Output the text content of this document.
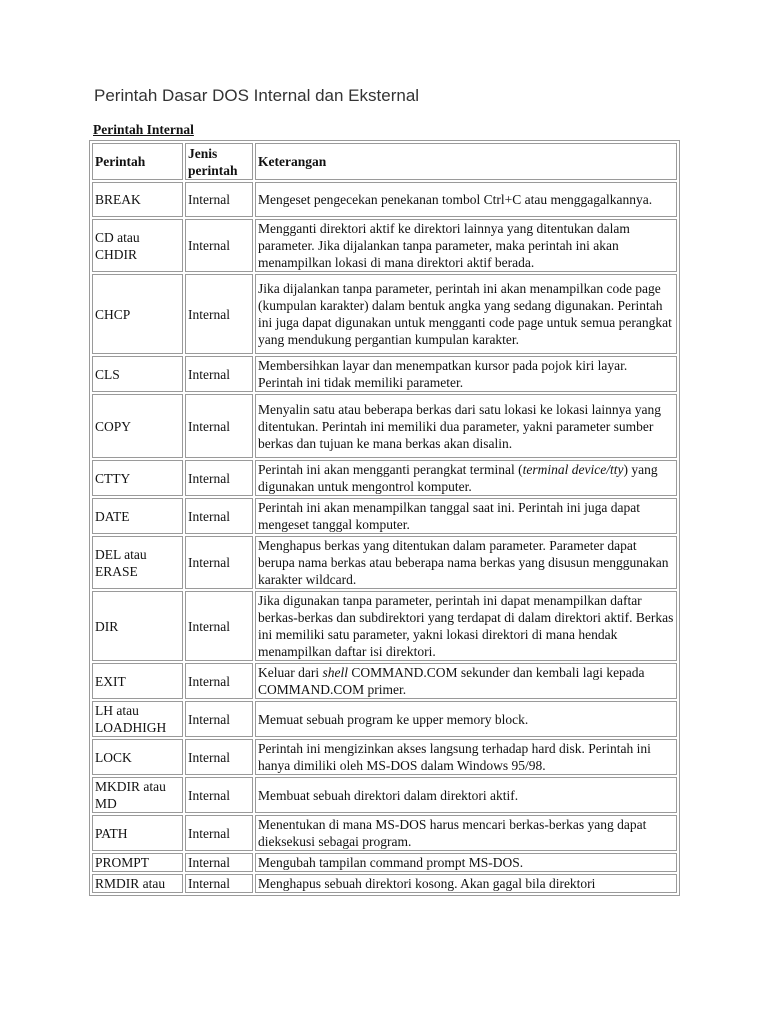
Perintah Dasar DOS Internal dan Eksternal
Perintah Internal
Perintah	Jenis perintah	Keterangan
BREAK	Internal	Mengeset pengecekan penekanan tombol Ctrl+C atau menggagalkannya.
CD atau CHDIR	Internal	Mengganti direktori aktif ke direktori lainnya yang ditentukan dalam parameter. Jika dijalankan tanpa parameter, maka perintah ini akan menampilkan lokasi di mana direktori aktif berada.
CHCP	Internal	Jika dijalankan tanpa parameter, perintah ini akan menampilkan code page (kumpulan karakter) dalam bentuk angka yang sedang digunakan. Perintah ini juga dapat digunakan untuk mengganti code page untuk semua perangkat yang mendukung pergantian kumpulan karakter.
CLS	Internal	Membersihkan layar dan menempatkan kursor pada pojok kiri layar. Perintah ini tidak memiliki parameter.
COPY	Internal	Menyalin satu atau beberapa berkas dari satu lokasi ke lokasi lainnya yang ditentukan. Perintah ini memiliki dua parameter, yakni parameter sumber berkas dan tujuan ke mana berkas akan disalin.
CTTY	Internal	Perintah ini akan mengganti perangkat terminal (terminal device/tty) yang digunakan untuk mengontrol komputer.
DATE	Internal	Perintah ini akan menampilkan tanggal saat ini. Perintah ini juga dapat mengeset tanggal komputer.
DEL atau ERASE	Internal	Menghapus berkas yang ditentukan dalam parameter. Parameter dapat berupa nama berkas atau beberapa nama berkas yang disusun menggunakan karakter wildcard.
DIR	Internal	Jika digunakan tanpa parameter, perintah ini dapat menampilkan daftar berkas-berkas dan subdirektori yang terdapat di dalam direktori aktif. Berkas ini memiliki satu parameter, yakni lokasi direktori di mana hendak menampilkan daftar isi direktori.
EXIT	Internal	Keluar dari shell COMMAND.COM sekunder dan kembali lagi kepada COMMAND.COM primer.
LH atau LOADHIGH	Internal	Memuat sebuah program ke upper memory block.
LOCK	Internal	Perintah ini mengizinkan akses langsung terhadap hard disk. Perintah ini hanya dimiliki oleh MS-DOS dalam Windows 95/98.
MKDIR atau MD	Internal	Membuat sebuah direktori dalam direktori aktif.
PATH	Internal	Menentukan di mana MS-DOS harus mencari berkas-berkas yang dapat dieksekusi sebagai program.
PROMPT	Internal	Mengubah tampilan command prompt MS-DOS.
RMDIR atau	Internal	Menghapus sebuah direktori kosong. Akan gagal bila direktori
